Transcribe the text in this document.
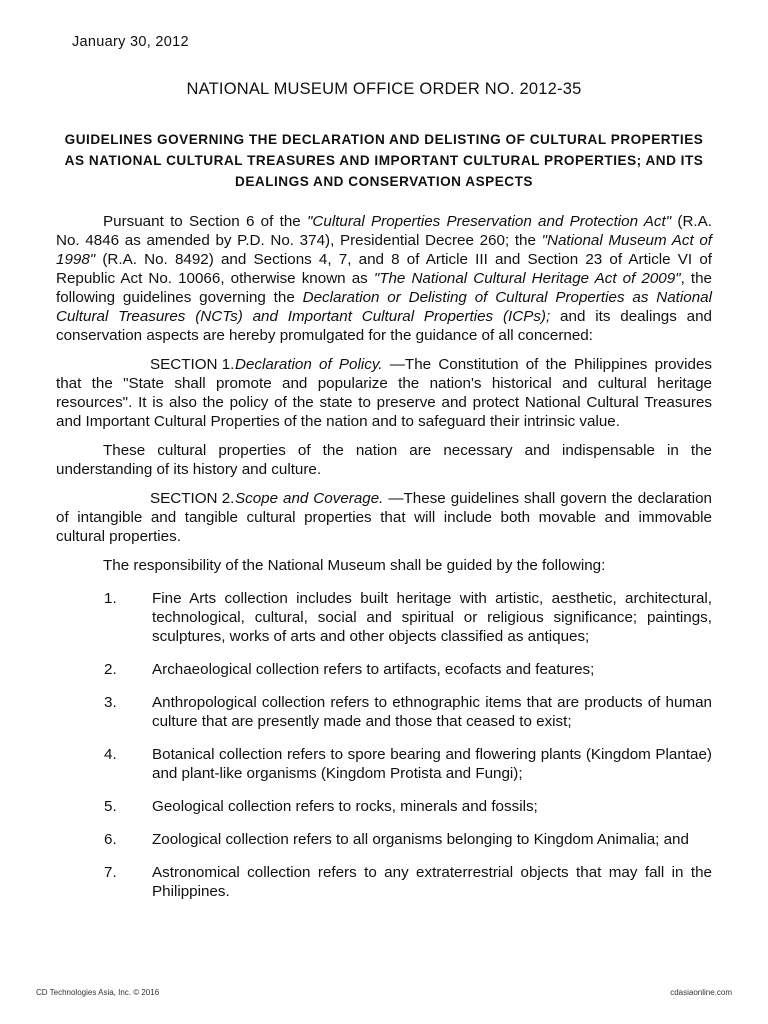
January 30, 2012
NATIONAL MUSEUM OFFICE ORDER NO. 2012-35
GUIDELINES GOVERNING THE DECLARATION AND DELISTING OF CULTURAL PROPERTIES AS NATIONAL CULTURAL TREASURES AND IMPORTANT CULTURAL PROPERTIES; AND ITS DEALINGS AND CONSERVATION ASPECTS

Pursuant to Section 6 of the "Cultural Properties Preservation and Protection Act" (R.A. No. 4846 as amended by P.D. No. 374), Presidential Decree 260; the "National Museum Act of 1998" (R.A. No. 8492) and Sections 4, 7, and 8 of Article III and Section 23 of Article VI of Republic Act No. 10066, otherwise known as "The National Cultural Heritage Act of 2009", the following guidelines governing the Declaration or Delisting of Cultural Properties as National Cultural Treasures (NCTs) and Important Cultural Properties (ICPs); and its dealings and conservation aspects are hereby promulgated for the guidance of all concerned:

SECTION 1.Declaration of Policy. —The Constitution of the Philippines provides that the "State shall promote and popularize the nation's historical and cultural heritage resources". It is also the policy of the state to preserve and protect National Cultural Treasures and Important Cultural Properties of the nation and to safeguard their intrinsic value.

These cultural properties of the nation are necessary and indispensable in the understanding of its history and culture.

SECTION 2.Scope and Coverage. —These guidelines shall govern the declaration of intangible and tangible cultural properties that will include both movable and immovable cultural properties.

The responsibility of the National Museum shall be guided by the following:

1.	Fine Arts collection includes built heritage with artistic, aesthetic, architectural, technological, cultural, social and spiritual or religious significance; paintings, sculptures, works of arts and other objects classified as antiques;
2.	Archaeological collection refers to artifacts, ecofacts and features;
3.	Anthropological collection refers to ethnographic items that are products of human culture that are presently made and those that ceased to exist;
4.	Botanical collection refers to spore bearing and flowering plants (Kingdom Plantae) and plant-like organisms (Kingdom Protista and Fungi);
5.	Geological collection refers to rocks, minerals and fossils;
6.	Zoological collection refers to all organisms belonging to Kingdom Animalia; and
7.	Astronomical collection refers to any extraterrestrial objects that may fall in the Philippines.
CD Technologies Asia, Inc. © 2016	cdasiaonline.com
